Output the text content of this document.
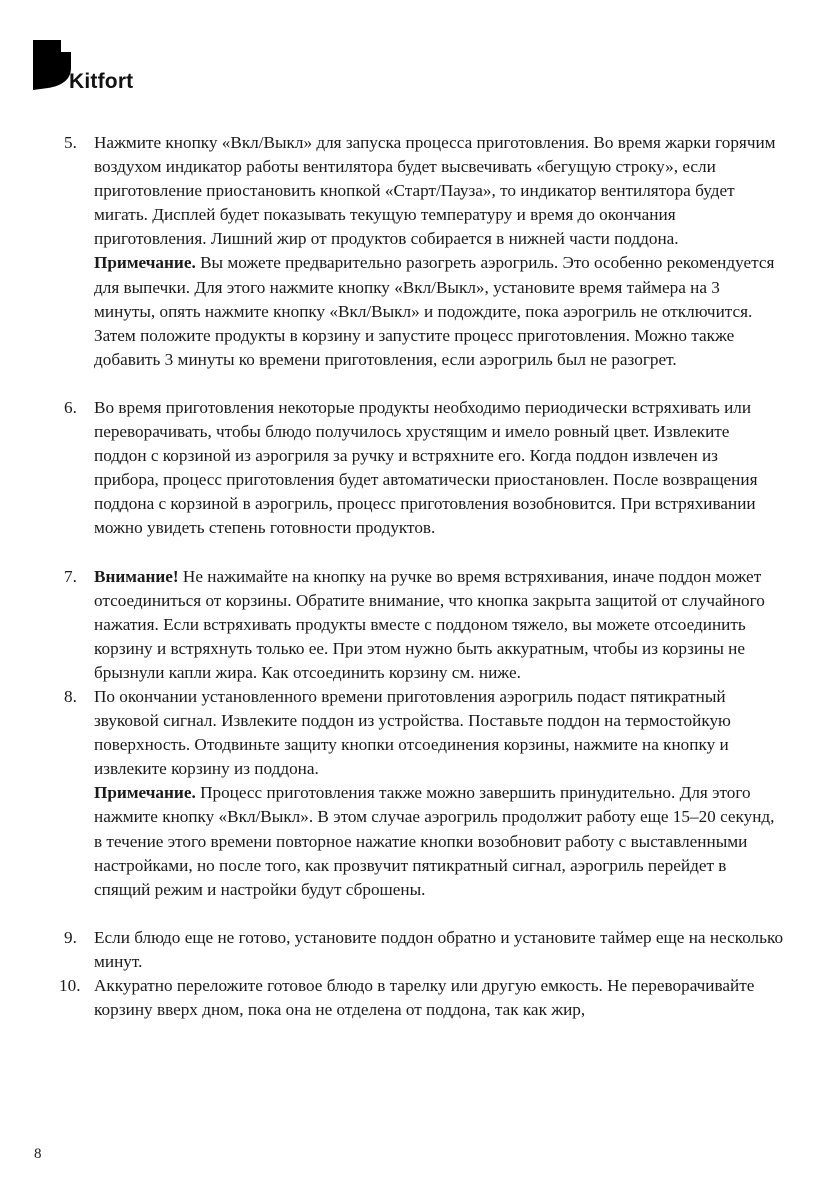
Kitfort
5. Нажмите кнопку «Вкл/Выкл» для запуска процесса приготовления. Во время жарки горячим воздухом индикатор работы вентилятора будет высвечивать «бегущую строку», если приготовление приостановить кнопкой «Старт/Пауза», то индикатор вентилятора будет мигать. Дисплей будет показывать текущую температуру и время до окончания приготовления. Лишний жир от продуктов собирается в нижней части поддона.

Примечание. Вы можете предварительно разогреть аэрогриль. Это особенно рекомендуется для выпечки. Для этого нажмите кнопку «Вкл/Выкл», установите время таймера на 3 минуты, опять нажмите кнопку «Вкл/Выкл» и подождите, пока аэрогриль не отключится. Затем положите продукты в корзину и запустите процесс приготовления. Можно также добавить 3 минуты ко времени приготовления, если аэрогриль был не разогрет.

6. Во время приготовления некоторые продукты необходимо периодически встряхивать или переворачивать, чтобы блюдо получилось хрустящим и имело ровный цвет. Извлеките поддон с корзиной из аэрогриля за ручку и встряхните его. Когда поддон извлечен из прибора, процесс приготовления будет автоматически приостановлен. После возвращения поддона с корзиной в аэрогриль, процесс приготовления возобновится. При встряхивании можно увидеть степень готовности продуктов.

7. Внимание! Не нажимайте на кнопку на ручке во время встряхивания, иначе поддон может отсоединиться от корзины. Обратите внимание, что кнопка закрыта защитой от случайного нажатия. Если встряхивать продукты вместе с поддоном тяжело, вы можете отсоединить корзину и встряхнуть только ее. При этом нужно быть аккуратным, чтобы из корзины не брызнули капли жира. Как отсоединить корзину см. ниже.

8. По окончании установленного времени приготовления аэрогриль подаст пятикратный звуковой сигнал. Извлеките поддон из устройства. Поставьте поддон на термостойкую поверхность. Отодвиньте защиту кнопки отсоединения корзины, нажмите на кнопку и извлеките корзину из поддона.

Примечание. Процесс приготовления также можно завершить принудительно. Для этого нажмите кнопку «Вкл/Выкл». В этом случае аэрогриль продолжит работу еще 15–20 секунд, в течение этого времени повторное нажатие кнопки возобновит работу с выставленными настройками, но после того, как прозвучит пятикратный сигнал, аэрогриль перейдет в спящий режим и настройки будут сброшены.

9. Если блюдо еще не готово, установите поддон обратно и установите таймер еще на несколько минут.

10. Аккуратно переложите готовое блюдо в тарелку или другую емкость. Не переворачивайте корзину вверх дном, пока она не отделена от поддона, так как жир,

8
